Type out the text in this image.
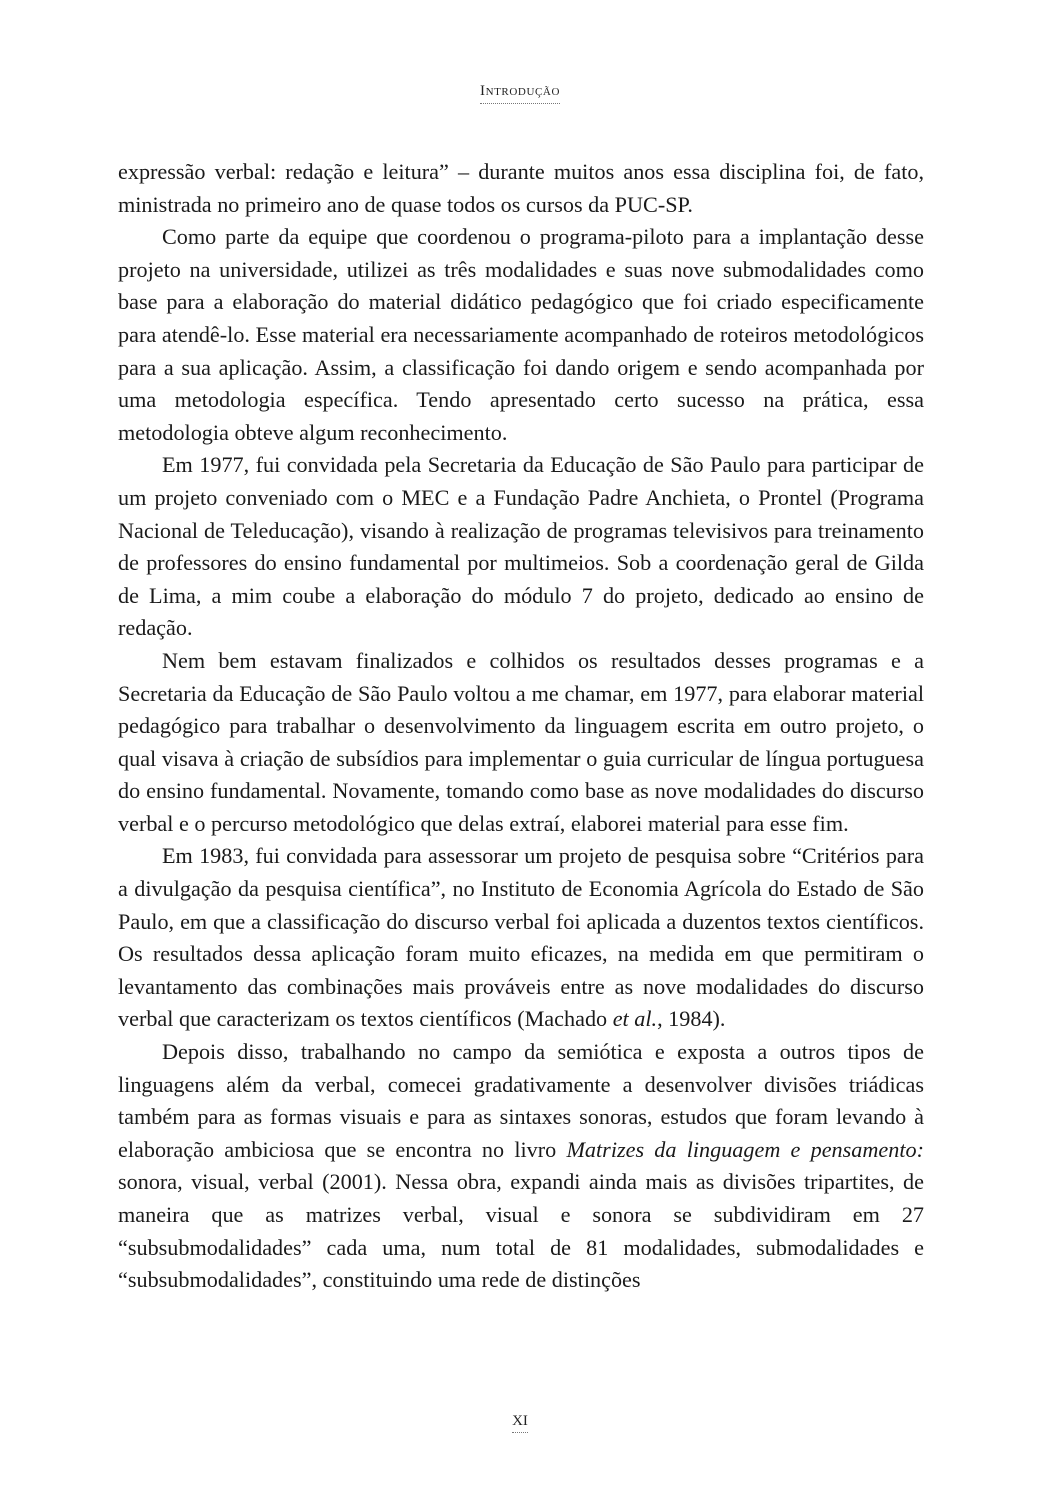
Introdução

expressão verbal: redação e leitura” – durante muitos anos essa disciplina foi, de fato, ministrada no primeiro ano de quase todos os cursos da PUC-SP.

Como parte da equipe que coordenou o programa-piloto para a implantação desse projeto na universidade, utilizei as três modalidades e suas nove submodalidades como base para a elaboração do material didático pedagógico que foi criado especificamente para atendê-lo. Esse material era necessariamente acompanhado de roteiros metodológicos para a sua aplicação. Assim, a classificação foi dando origem e sendo acompanhada por uma metodologia específica. Tendo apresentado certo sucesso na prática, essa metodologia obteve algum reconhecimento.

Em 1977, fui convidada pela Secretaria da Educação de São Paulo para participar de um projeto conveniado com o MEC e a Fundação Padre Anchieta, o Prontel (Programa Nacional de Teleducação), visando à realização de programas televisivos para treinamento de professores do ensino fundamental por multimeios. Sob a coordenação geral de Gilda de Lima, a mim coube a elaboração do módulo 7 do projeto, dedicado ao ensino de redação.

Nem bem estavam finalizados e colhidos os resultados desses programas e a Secretaria da Educação de São Paulo voltou a me chamar, em 1977, para elaborar material pedagógico para trabalhar o desenvolvimento da linguagem escrita em outro projeto, o qual visava à criação de subsídios para implementar o guia curricular de língua portuguesa do ensino fundamental. Novamente, tomando como base as nove modalidades do discurso verbal e o percurso metodológico que delas extraí, elaborei material para esse fim.

Em 1983, fui convidada para assessorar um projeto de pesquisa sobre “Critérios para a divulgação da pesquisa científica”, no Instituto de Economia Agrícola do Estado de São Paulo, em que a classificação do discurso verbal foi aplicada a duzentos textos científicos. Os resultados dessa aplicação foram muito eficazes, na medida em que permitiram o levantamento das combinações mais prováveis entre as nove modalidades do discurso verbal que caracterizam os textos científicos (Machado et al., 1984).

Depois disso, trabalhando no campo da semiótica e exposta a outros tipos de linguagens além da verbal, comecei gradativamente a desenvolver divisões triádicas também para as formas visuais e para as sintaxes sonoras, estudos que foram levando à elaboração ambiciosa que se encontra no livro Matrizes da linguagem e pensamento: sonora, visual, verbal (2001). Nessa obra, expandi ainda mais as divisões tripartites, de maneira que as matrizes verbal, visual e sonora se subdividiram em 27 “subsubmodalidades” cada uma, num total de 81 modalidades, submodalidades e “subsubmodalidades”, constituindo uma rede de distinções

XI
